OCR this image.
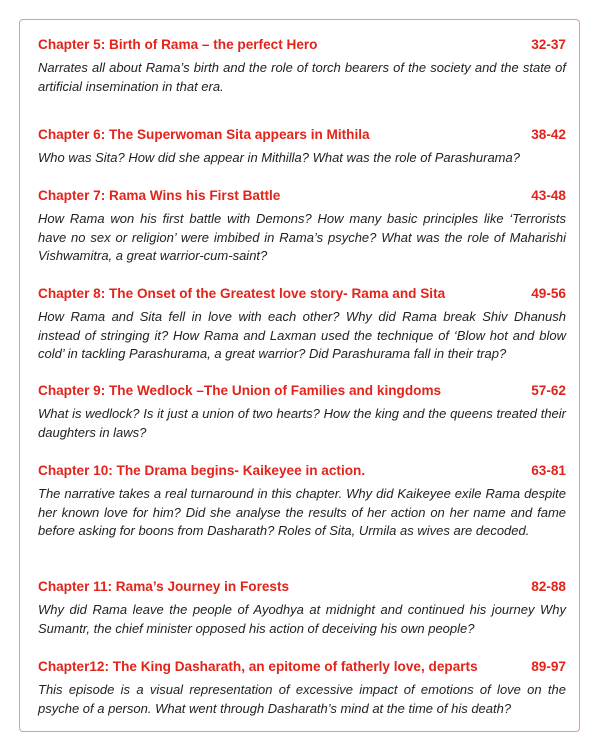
Chapter 5: Birth of Rama – the perfect Hero	32-37

Narrates all about Rama’s birth and the role of torch bearers of the society and the state of artificial insemination in that era.

Chapter 6: The Superwoman Sita appears in Mithila	38-42

Who was Sita? How did she appear in Mithilla? What was the role of Parashurama?

Chapter 7: Rama Wins his First Battle	43-48

How Rama won his first battle with Demons? How many basic principles like ‘Terrorists have no sex or religion’ were imbibed in Rama’s psyche? What was the role of Maharishi Vishwamitra, a great warrior-cum-saint?

Chapter 8: The Onset of the Greatest love story- Rama and Sita	49-56

How Rama and Sita fell in love with each other? Why did Rama break Shiv Dhanush instead of stringing it? How Rama and Laxman used the technique of ‘Blow hot and blow cold’ in tackling Parashurama, a great warrior? Did Parashurama fall in their trap?

Chapter 9: The Wedlock –The Union of Families and kingdoms	57-62

What is wedlock? Is it just a union of two hearts? How the king and the queens treated their daughters in laws?

Chapter 10: The Drama begins- Kaikeyee in action.	63-81

The narrative takes a real turnaround in this chapter. Why did Kaikeyee exile Rama despite her known love for him? Did she analyse the results of her action on her name and fame before asking for boons from Dasharath? Roles of Sita, Urmila as wives are decoded.

Chapter 11: Rama’s Journey in Forests	82-88

Why did Rama leave the people of Ayodhya at midnight and continued his journey Why Sumantr, the chief minister opposed his action of deceiving his own people?

Chapter12: The King Dasharath, an epitome of fatherly love, departs	89-97

This episode is a visual representation of excessive impact of emotions of love on the psyche of a person. What went through Dasharath’s mind at the time of his death?
